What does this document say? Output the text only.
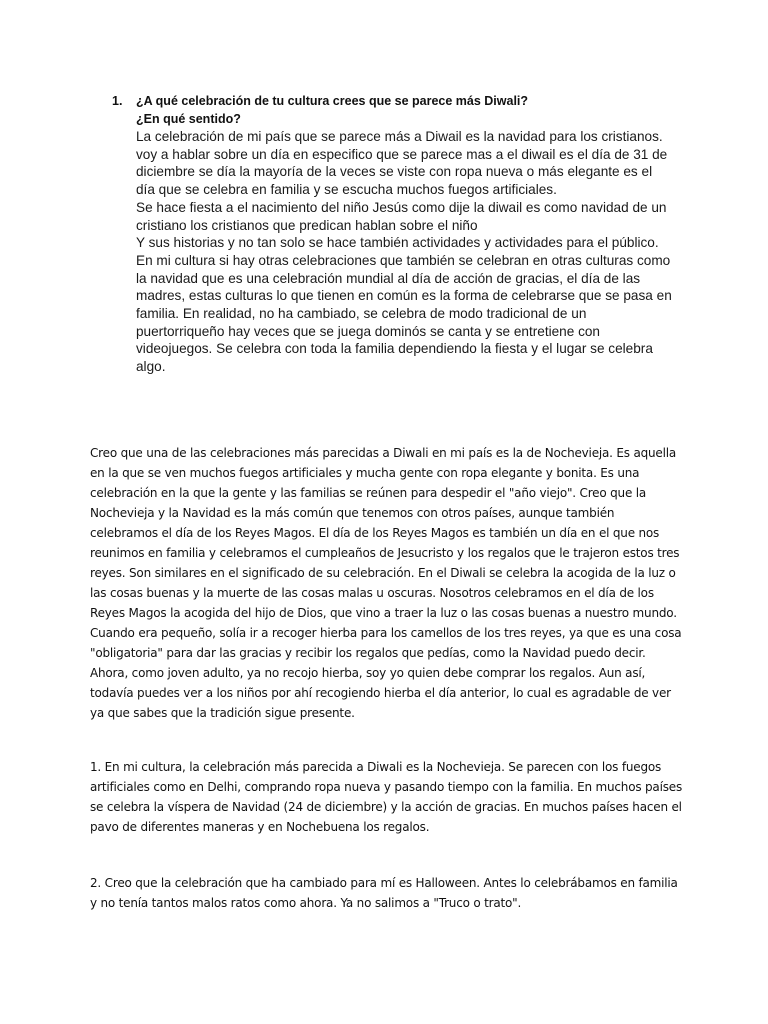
1. ¿A qué celebración de tu cultura crees que se parece más Diwali?
¿En qué sentido?

La celebración de mi país que se parece más a Diwail es la navidad para los cristianos. voy a hablar sobre un día en especifico que se parece mas a el diwail es el día de 31 de diciembre se día la mayoría de la veces se viste con ropa nueva o más elegante es el día que se celebra en familia y se escucha muchos fuegos artificiales.

Se hace fiesta a el nacimiento del niño Jesús como dije la diwail es como navidad de un cristiano los cristianos que predican hablan sobre el niño

Y sus historias y no tan solo se hace también actividades y actividades para el público. En mi cultura si hay otras celebraciones que también se celebran en otras culturas como la navidad que es una celebración mundial al día de acción de gracias, el día de las madres, estas culturas lo que tienen en común es la forma de celebrarse que se pasa en familia. En realidad, no ha cambiado, se celebra de modo tradicional de un puertorriqueño hay veces que se juega dominós se canta y se entretiene con videojuegos. Se celebra con toda la familia dependiendo la fiesta y el lugar se celebra algo.

Creo que una de las celebraciones más parecidas a Diwali en mi país es la de Nochevieja. Es aquella en la que se ven muchos fuegos artificiales y mucha gente con ropa elegante y bonita. Es una celebración en la que la gente y las familias se reúnen para despedir el "año viejo". Creo que la Nochevieja y la Navidad es la más común que tenemos con otros países, aunque también celebramos el día de los Reyes Magos. El día de los Reyes Magos es también un día en el que nos reunimos en familia y celebramos el cumpleaños de Jesucristo y los regalos que le trajeron estos tres reyes. Son similares en el significado de su celebración. En el Diwali se celebra la acogida de la luz o las cosas buenas y la muerte de las cosas malas u oscuras. Nosotros celebramos en el día de los Reyes Magos la acogida del hijo de Dios, que vino a traer la luz o las cosas buenas a nuestro mundo. Cuando era pequeño, solía ir a recoger hierba para los camellos de los tres reyes, ya que es una cosa "obligatoria" para dar las gracias y recibir los regalos que pedías, como la Navidad puedo decir. Ahora, como joven adulto, ya no recojo hierba, soy yo quien debe comprar los regalos. Aun así, todavía puedes ver a los niños por ahí recogiendo hierba el día anterior, lo cual es agradable de ver ya que sabes que la tradición sigue presente.

1. En mi cultura, la celebración más parecida a Diwali es la Nochevieja. Se parecen con los fuegos artificiales como en Delhi, comprando ropa nueva y pasando tiempo con la familia. En muchos países se celebra la víspera de Navidad (24 de diciembre) y la acción de gracias. En muchos países hacen el pavo de diferentes maneras y en Nochebuena los regalos.

2. Creo que la celebración que ha cambiado para mí es Halloween. Antes lo celebrábamos en familia y no tenía tantos malos ratos como ahora. Ya no salimos a "Truco o trato".
